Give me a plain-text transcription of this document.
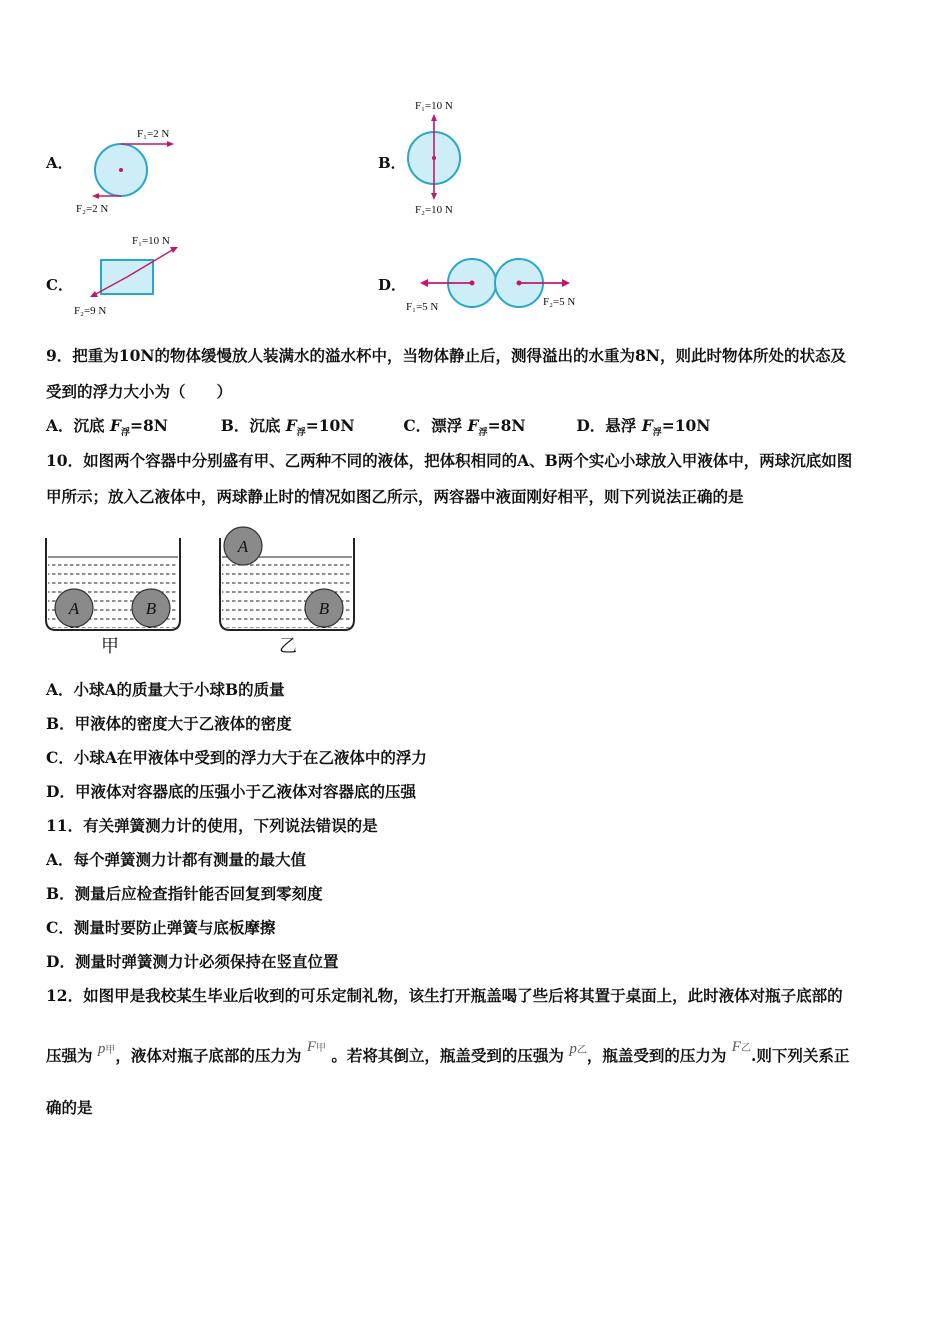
A．
F₁=2 N
F₂=2 N
B．
F₁=10 N
F₂=10 N
C．
F₁=10 N
F₂=9 N
D．
F₁=5 N	F₂=5 N
9．把重为10N的物体缓慢放人装满水的溢水杯中，当物体静止后，测得溢出的水重为8N，则此时物体所处的状态及
受到的浮力大小为（　　）
A．沉底 $F_浮=8N$	B．沉底 $F_浮=10N$	C．漂浮 $F_浮=8N$	D．悬浮 $F_浮=10N$
10．如图两个容器中分别盛有甲、乙两种不同的液体，把体积相同的A、B两个实心小球放入甲液体中，两球沉底如图
甲所示；放入乙液体中，两球静止时的情况如图乙所示，两容器中液面刚好相平，则下列说法正确的是
A	B
甲
A
B
乙
A．小球A的质量大于小球B的质量
B．甲液体的密度大于乙液体的密度
C．小球A在甲液体中受到的浮力大于在乙液体中的浮力
D．甲液体对容器底的压强小于乙液体对容器底的压强
11．有关弹簧测力计的使用，下列说法错误的是
A．每个弹簧测力计都有测量的最大值
B．测量后应检查指针能否回复到零刻度
C．测量时要防止弹簧与底板摩擦
D．测量时弹簧测力计必须保持在竖直位置
12．如图甲是我校某生毕业后收到的可乐定制礼物，该生打开瓶盖喝了些后将其置于桌面上，此时液体对瓶子底部的
压强为 p甲，液体对瓶子底部的压力为 F甲 。若将其倒立，瓶盖受到的压强为 p乙，瓶盖受到的压力为 F乙.则下列关系正
确的是
